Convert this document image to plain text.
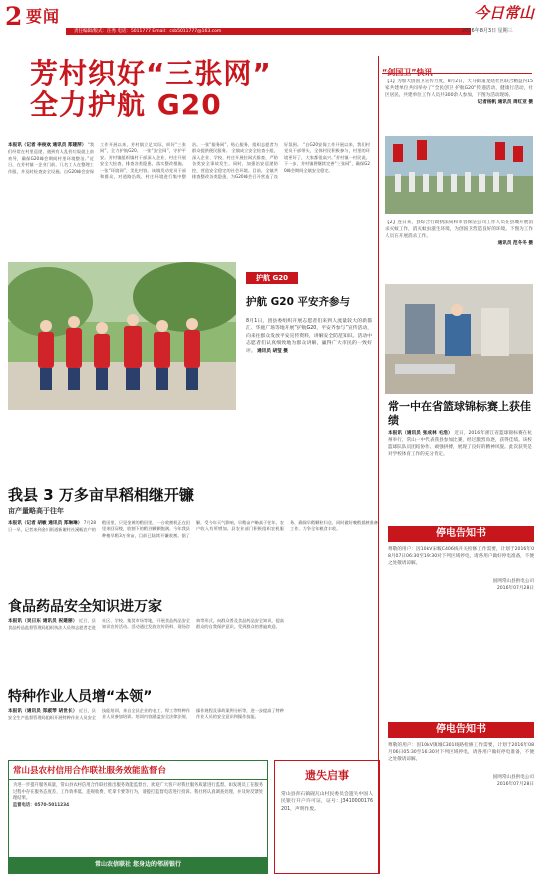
2 要闻
责任编辑/版式：汪秀 电话：5011777 Email：csb5011777@163.com
今日常山
2016年8月3日 星期三
芳村织好“三张网”
全力护航 G20
本报讯（记者 李俊欢 通讯员 郑建萍） “我们经常在村里巡逻，遇到有人乱扔垃圾就上前劝导，确保G20峰会期间村里环境整洁。”近日，在芳村镇一企业门前，几名工人在整理工作服，并及时检查安全设施。自G20峰会安保工作开展以来，芳村镇立足实际，织好“三张网”，全力护航G20。 一张“安全网”，守护平安。芳村镇组织镇村干部深入企业、村庄开展安全大检查，排查各类隐患，落实整改措施。一张“环境网”，美化村容。该镇发动党员干部和群众，对道路沿线、村庄环境进行集中整治。一张“服务网”，贴心服务，组织志愿者为群众提供便民服务。 全镇成立安全检查小组，深入企业、学校、村庄开展拉网式排查，严防各类安全事故发生。同时，加强治安巡逻防控，营造安全稳定的社会环境。目前，全镇共排查整改各类隐患，为G20峰会召开营造了良好氛围。 “自G20安保工作开展以来，我们村党员干部带头，全体村民积极参与，村里的环境更好了，大家都很高兴。”芳村镇一村民说。下一步，芳村镇将继续完善“三张网”，确保G20峰会期间全镇安全稳定。
护航 G20
护航 G20 平安齐参与
8月1日，团县委组织开展志愿者们来到人流量较大的新都汇、华庭广场等地开展“护航G20，平安齐参与”宣传活动，向来往群众发放平安宣传资料，讲解安全防范知识。活动中志愿者们认真细致地为群众讲解，赢得广大市民的一致好评。 通讯员 胡莹 摄
“剑国卫”快讯
【1】为加大创国卫宣传力度，8月2日，天马街道龙绕社区联合精益内15家共建单位共同举办了“全民创卫 护航G20”传递活动，健康行活动，社区居民、共建单位工作人员共300余人参加，下图为活动现场。
记者杨帆 通讯员 周红亚 摄
【2】连日来，县综合行政执法局和市容保洁公司工作人员在县城开展消杀灭蚊工作，消灭蚊虫滋生环境，为创国卫营造良好的环境。下图为工作人员在开展消杀工作。
通讯员 范冬冬 摄
常一中在省篮球锦标赛上获佳绩
本报讯（通讯员 张成林 毛浩） 近日，2016年浙江省篮球锦标赛在杭州举行，常山一中代表我县参加比赛，经过激烈角逐，获得佳绩。该校篮球队队员团结协作、顽强拼搏，展现了良好的精神风貌。此次获奖是对学校体育工作的充分肯定。
停电告知书
尊敬的用户：因10kV宋畈C406线开关检修工作需要，计划于2016年08月07日06:30至19:30对下列区域停电，请各用户做好停电准备，不便之处敬请谅解。
国网常山县供电公司
2016年07月28日
停电告知书
尊敬的用户：因10kV镇城C301线路检修工作需要，计划于2016年08月06日05:30至16:30对下列区域停电，请各用户做好停电准备，不便之处敬请谅解。
国网常山县供电公司
2016年07月28日
我县 3 万多亩早稻相继开镰
亩产量略高于往年
本报讯（记者 胡敏 通讯员 郑琳琳） 7月28日一早，记者来到金川街道新谢村社溪畈农户的稻田里，只见金黄的稻田里，一台收割机正在田里来回穿梭，收割下的稻谷颗颗饱满。今年我县种植早稻3万余亩，目前已陆续开镰收割。据了解，受今年天气影响，早稻亩产略高于往年，农户收入有所增加。县农业部门积极组织农机服务，确保早稻颗粒归仓，同时做好晚稻插秧准备工作，力争全年粮食丰收。
食品药品安全知识进万家
本报讯（吴日东 通讯员 祝建丽） 近日，县食品药品监督管理局组织执法人员和志愿者走进社区、学校、集贸市场等地，开展食品药品安全知识宣传活动。活动通过发放宣传资料、现场咨询等形式，向群众普及食品药品安全知识，提高群众的自我保护意识，受到群众的普遍欢迎。
特种作业人员增“本领”
本报讯（通讯员 郑淑琴 胡世长） 近日，县安全生产监督管理局组织开展特种作业人员安全技能培训，来自全县企业的电工、焊工等特种作业人员参加培训。培训内容涵盖安全法律法规、操作规程及事故案例分析等，进一步提高了特种作业人员的安全意识和操作技能。
常山县农村信用合作联社服务效能监督台
为进一步提升服务质量，常山县农村信用合作联社推出服务效能监督台，欢迎广大客户对我社服务质量进行监督。如发现员工在服务过程中存在服务态度差、工作效率低、违规收费、吃拿卡要等行为，请拨打监督电话进行投诉。我社将认真调查处理，并及时反馈处理结果。
监督电话：0570-5011234
常山农信联社 您身边的邻居银行
遗失启事
常山县青石镇砚瓦山村民委员会遗失中国人民银行开户许可证，证号：J3410000176201，声明作废。
